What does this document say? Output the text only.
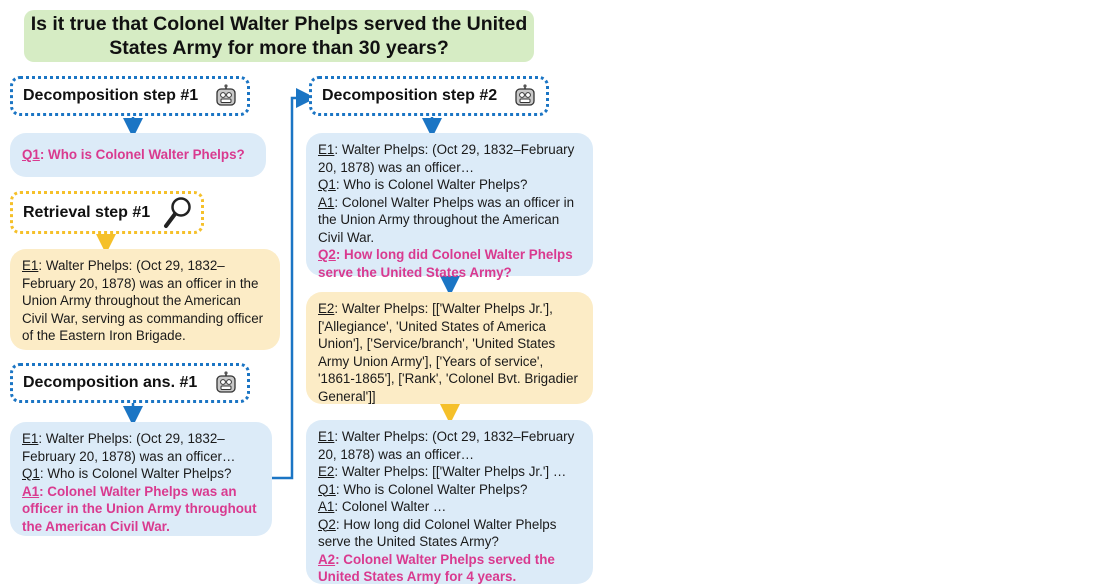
Is it true that Colonel Walter Phelps served the United States Army for more than 30 years?
Decomposition step #1
Q1: Who is Colonel Walter Phelps?
Retrieval step #1
E1: Walter Phelps: (Oct 29, 1832–February 20, 1878) was an officer in the Union Army throughout the American Civil War, serving as commanding officer of the Eastern Iron Brigade.
Decomposition ans. #1
E1: Walter Phelps: (Oct 29, 1832–February 20, 1878) was an officer…
Q1: Who is Colonel Walter Phelps?
A1: Colonel Walter Phelps was an officer in the Union Army throughout the American Civil War.
Decomposition step #2
E1: Walter Phelps: (Oct 29, 1832–February 20, 1878) was an officer…
Q1: Who is Colonel Walter Phelps?
A1: Colonel Walter Phelps was an officer in the Union Army throughout the American Civil War.
Q2: How long did Colonel Walter Phelps serve the United States Army?
E2: Walter Phelps: [['Walter Phelps Jr.'], ['Allegiance', 'United States of America Union'], ['Service/branch', 'United States Army Union Army'], ['Years of service', '1861-1865'], ['Rank', 'Colonel Bvt. Brigadier General']]
E1: Walter Phelps: (Oct 29, 1832–February 20, 1878) was an officer…
E2: Walter Phelps: [['Walter Phelps Jr.'] …
Q1: Who is Colonel Walter Phelps?
A1: Colonel Walter …
Q2: How long did Colonel Walter Phelps serve the United States Army?
A2: Colonel Walter Phelps served the United States Army for 4 years.
